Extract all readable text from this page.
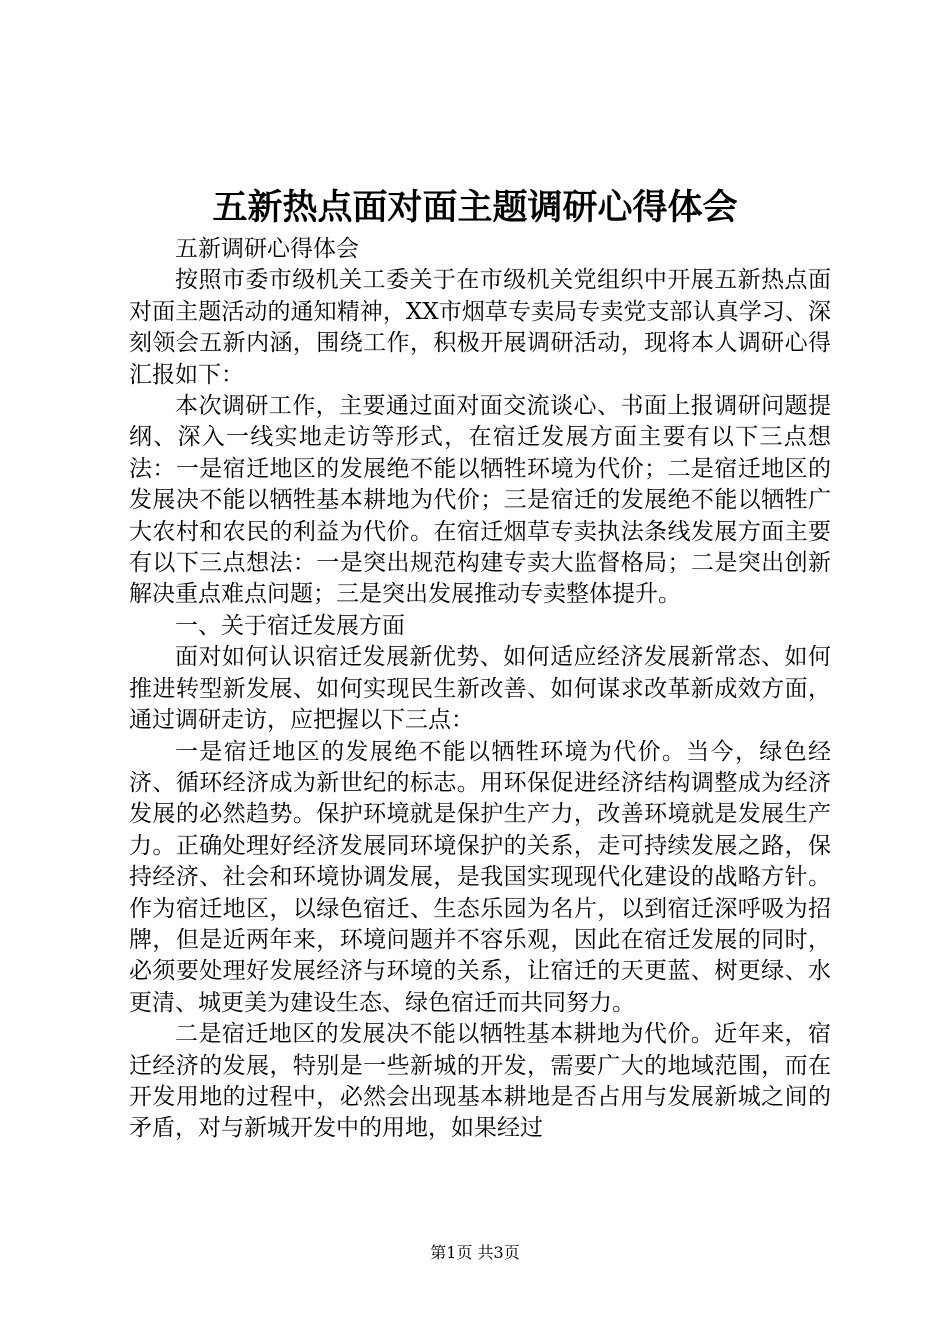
五新热点面对面主题调研心得体会

五新调研心得体会

按照市委市级机关工委关于在市级机关党组织中开展五新热点面对面主题活动的通知精神，XX市烟草专卖局专卖党支部认真学习、深刻领会五新内涵，围绕工作，积极开展调研活动，现将本人调研心得汇报如下：

本次调研工作，主要通过面对面交流谈心、书面上报调研问题提纲、深入一线实地走访等形式，在宿迁发展方面主要有以下三点想法：一是宿迁地区的发展绝不能以牺牲环境为代价；二是宿迁地区的发展决不能以牺牲基本耕地为代价；三是宿迁的发展绝不能以牺牲广大农村和农民的利益为代价。在宿迁烟草专卖执法条线发展方面主要有以下三点想法：一是突出规范构建专卖大监督格局；二是突出创新解决重点难点问题；三是突出发展推动专卖整体提升。

一、关于宿迁发展方面

面对如何认识宿迁发展新优势、如何适应经济发展新常态、如何推进转型新发展、如何实现民生新改善、如何谋求改革新成效方面，通过调研走访，应把握以下三点：

一是宿迁地区的发展绝不能以牺牲环境为代价。当今，绿色经济、循环经济成为新世纪的标志。用环保促进经济结构调整成为经济发展的必然趋势。保护环境就是保护生产力，改善环境就是发展生产力。正确处理好经济发展同环境保护的关系，走可持续发展之路，保持经济、社会和环境协调发展，是我国实现现代化建设的战略方针。作为宿迁地区，以绿色宿迁、生态乐园为名片，以到宿迁深呼吸为招牌，但是近两年来，环境问题并不容乐观，因此在宿迁发展的同时，必须要处理好发展经济与环境的关系，让宿迁的天更蓝、树更绿、水更清、城更美为建设生态、绿色宿迁而共同努力。

二是宿迁地区的发展决不能以牺牲基本耕地为代价。近年来，宿迁经济的发展，特别是一些新城的开发，需要广大的地域范围，而在开发用地的过程中，必然会出现基本耕地是否占用与发展新城之间的矛盾，对与新城开发中的用地，如果经过

第1页 共3页
